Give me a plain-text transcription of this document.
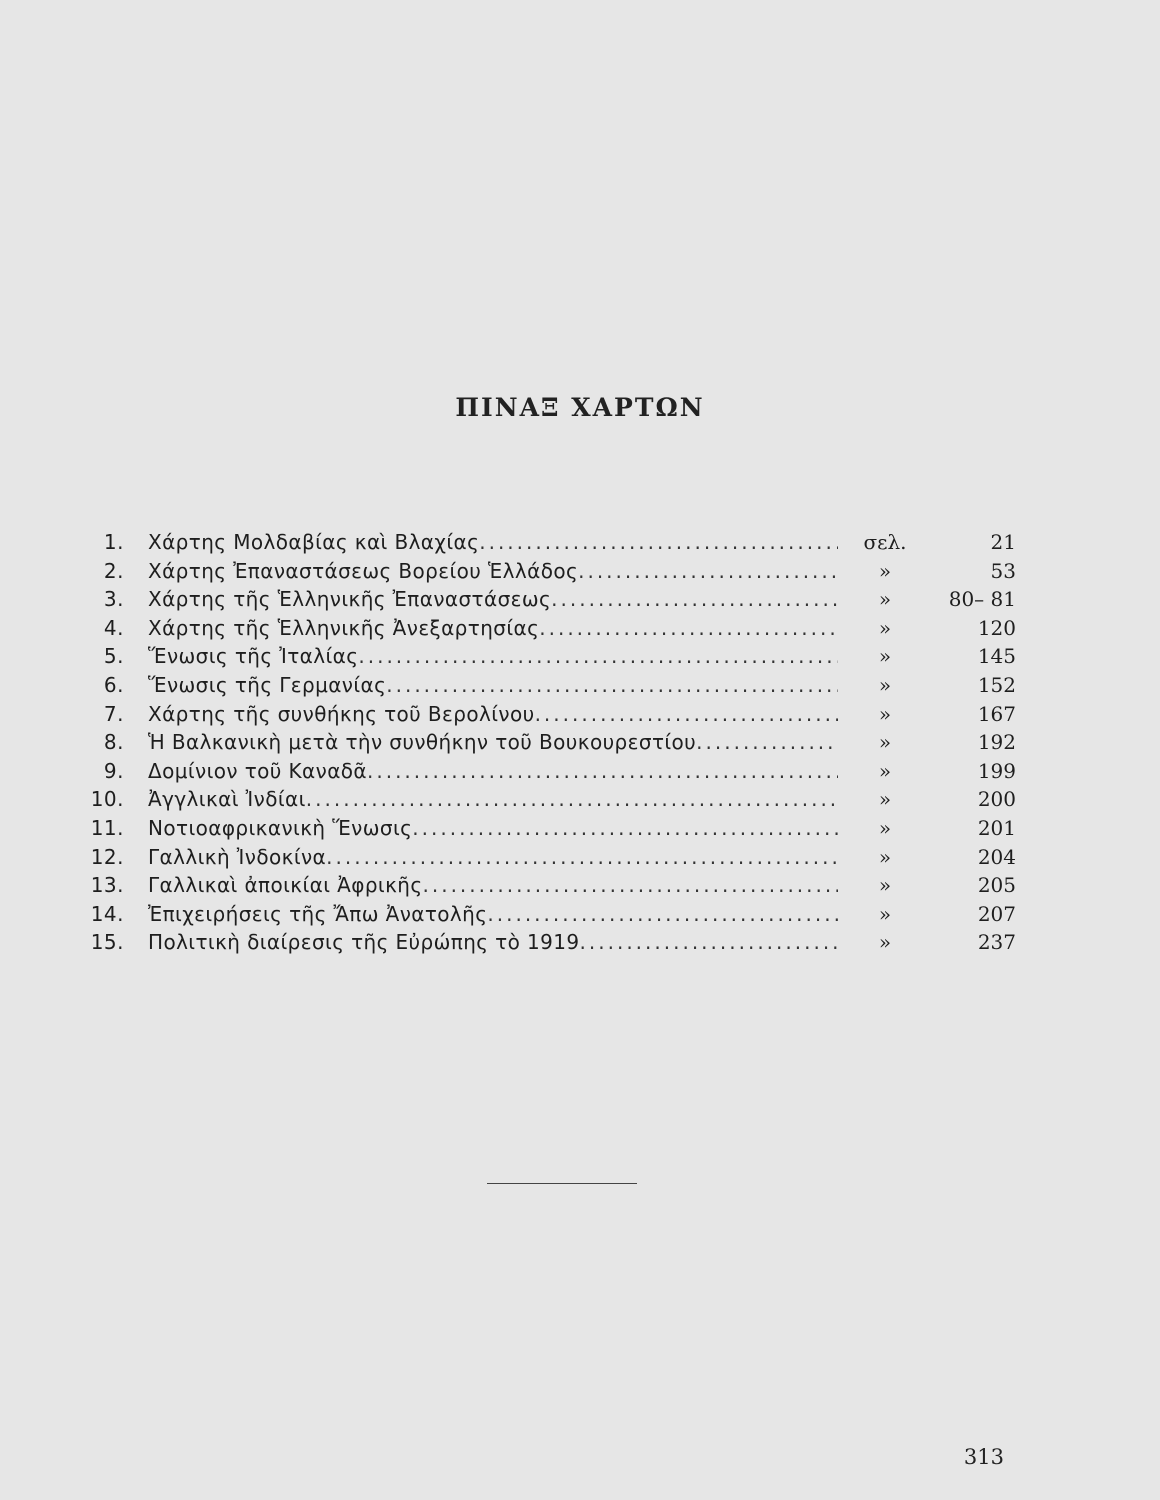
ΠΙΝΑΞ ΧΑΡΤΩΝ
1. Χάρτης Μολδαβίας καὶ Βλαχίας .....	σελ.	21
2. Χάρτης Ἐπαναστάσεως Βορείου Ἑλλάδος .....	»	53
3. Χάρτης τῆς Ἑλληνικῆς Ἐπαναστάσεως .....	»	80– 81
4. Χάρτης τῆς Ἑλληνικῆς Ἀνεξαρτησίας .....	»	120
5. Ἕνωσις τῆς Ἰταλίας .....	»	145
6. Ἕνωσις τῆς Γερμανίας .....	»	152
7. Χάρτης τῆς συνθήκης τοῦ Βερολίνου .....	»	167
8. Ἡ Βαλκανικὴ μετὰ τὴν συνθήκην τοῦ Βουκουρεστίου .....	»	192
9. Δομίνιον τοῦ Καναδᾶ .....	»	199
10. Ἀγγλικαὶ Ἰνδίαι .....	»	200
11. Νοτιοαφρικανικὴ Ἕνωσις .....	»	201
12. Γαλλικὴ Ἰνδοκίνα .....	»	204
13. Γαλλικαὶ ἀποικίαι Ἀφρικῆς .....	»	205
14. Ἐπιχειρήσεις τῆς Ἄπω Ἀνατολῆς .....	»	207
15. Πολιτικὴ διαίρεσις τῆς Εὐρώπης τὸ 1919 .....	»	237
313
